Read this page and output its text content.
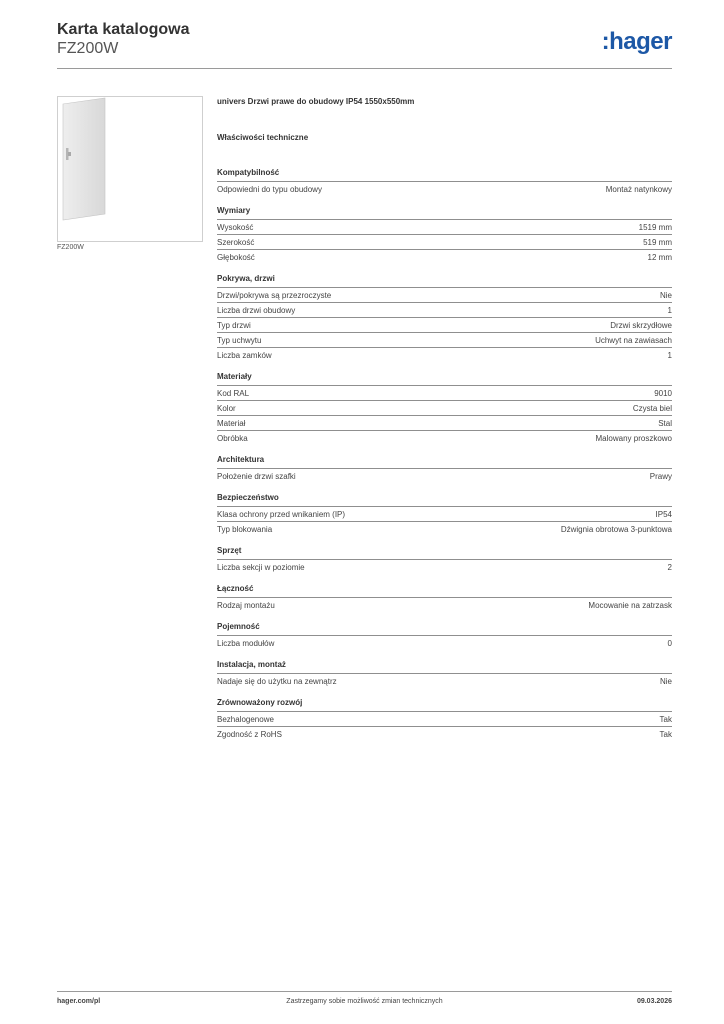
Karta katalogowa
FZ200W	:hager
FZ200W
univers Drzwi prawe do obudowy IP54 1550x550mm
Właściwości techniczne
Kompatybilność
Odpowiedni do typu obudowy	Montaż natynkowy
Wymiary
Wysokość	1519 mm
Szerokość	519 mm
Głębokość	12 mm
Pokrywa, drzwi
Drzwi/pokrywa są przezroczyste	Nie
Liczba drzwi obudowy	1
Typ drzwi	Drzwi skrzydłowe
Typ uchwytu	Uchwyt na zawiasach
Liczba zamków	1
Materiały
Kod RAL	9010
Kolor	Czysta biel
Materiał	Stal
Obróbka	Malowany proszkowo
Architektura
Położenie drzwi szafki	Prawy
Bezpieczeństwo
Klasa ochrony przed wnikaniem (IP)	IP54
Typ blokowania	Dźwignia obrotowa 3-punktowa
Sprzęt
Liczba sekcji w poziomie	2
Łączność
Rodzaj montażu	Mocowanie na zatrzask
Pojemność
Liczba modułów	0
Instalacja, montaż
Nadaje się do użytku na zewnątrz	Nie
Zrównoważony rozwój
Bezhalogenowe	Tak
Zgodność z RoHS	Tak
hager.com/pl	Zastrzegamy sobie możliwość zmian technicznych	09.03.2026
